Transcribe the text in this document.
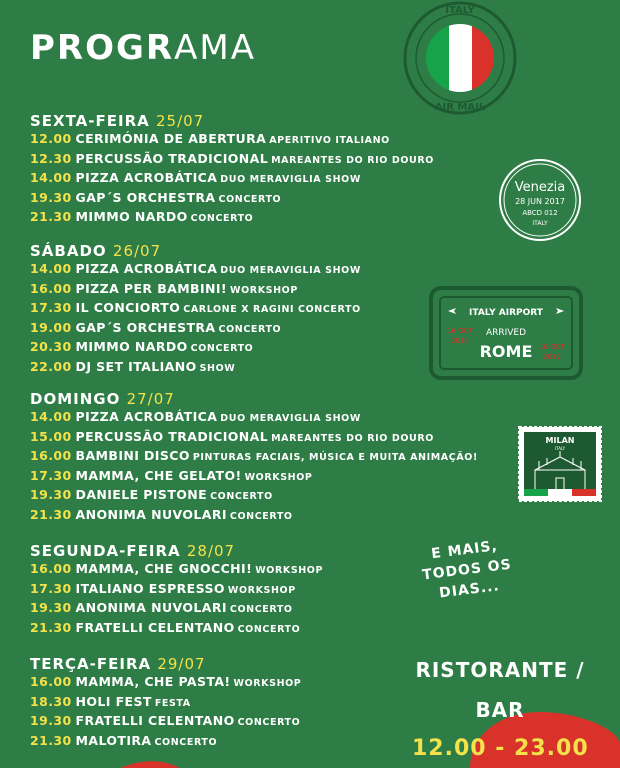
PROGRAMA
ITALY
AIR MAIL
Venezia
28 JUN 2017
ABCD 012
ITALY
ITALY AIRPORT
ARRIVED
ROME
16 OCT
2017
16 OCT
2017
MILAN
ITALY
SEXTA-FEIRA 25/07
12.00 CERIMÓNIA DE ABERTURA APERITIVO ITALIANO
12.30 PERCUSSÃO TRADICIONAL MAREANTES DO RIO DOURO
14.00 PIZZA ACROBÁTICA DUO MERAVIGLIA SHOW
19.30 GAP´S ORCHESTRA CONCERTO
21.30 MIMMO NARDO CONCERTO
SÁBADO 26/07
14.00 PIZZA ACROBÁTICA DUO MERAVIGLIA SHOW
16.00 PIZZA PER BAMBINI! WORKSHOP
17.30 IL CONCIORTO CARLONE X RAGINI CONCERTO
19.00 GAP´S ORCHESTRA CONCERTO
20.30 MIMMO NARDO CONCERTO
22.00 DJ SET ITALIANO SHOW
DOMINGO 27/07
14.00 PIZZA ACROBÁTICA DUO MERAVIGLIA SHOW
15.00 PERCUSSÃO TRADICIONAL MAREANTES DO RIO DOURO
16.00 BAMBINI DISCO PINTURAS FACIAIS, MÚSICA E MUITA ANIMAÇÃO!
17.30 MAMMA, CHE GELATO! WORKSHOP
19.30 DANIELE PISTONE CONCERTO
21.30 ANONIMA NUVOLARI CONCERTO
SEGUNDA-FEIRA 28/07
16.00 MAMMA, CHE GNOCCHI! WORKSHOP
17.30 ITALIANO ESPRESSO WORKSHOP
19.30 ANONIMA NUVOLARI CONCERTO
21.30 FRATELLI CELENTANO CONCERTO
TERÇA-FEIRA 29/07
16.00 MAMMA, CHE PASTA! WORKSHOP
18.30 HOLI FEST FESTA
19.30 FRATELLI CELENTANO CONCERTO
21.30 MALOTIRA CONCERTO
E MAIS,
TODOS OS
DIAS...
RISTORANTE /
BAR
12.00 - 23.00
